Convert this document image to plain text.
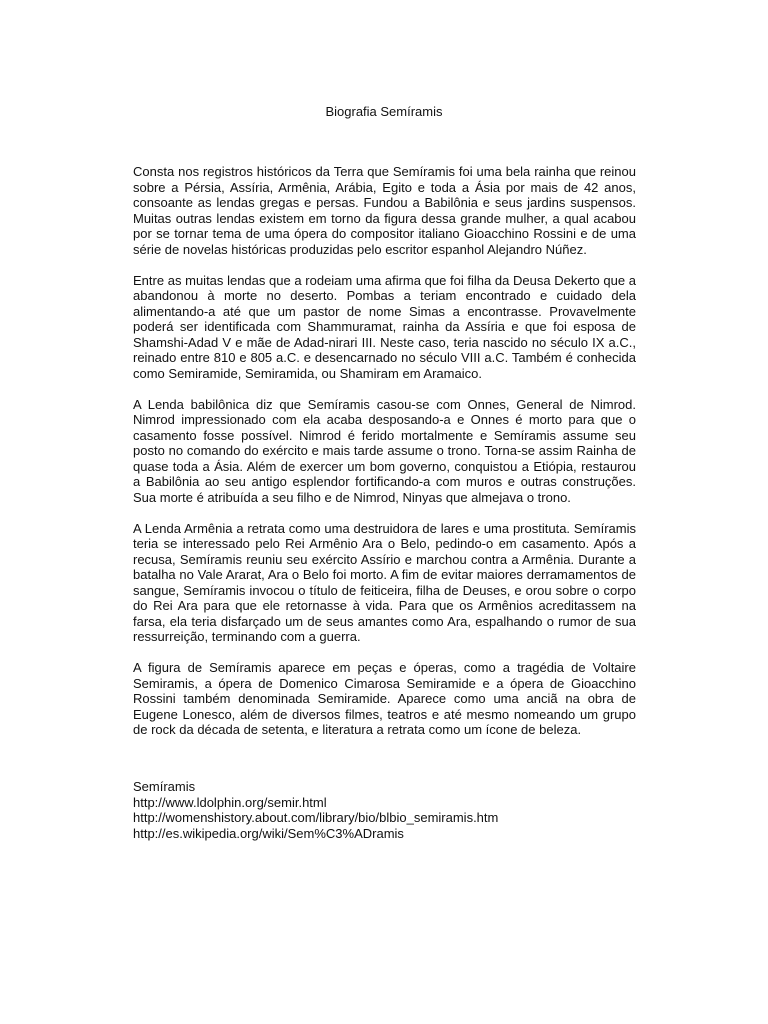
Biografia Semíramis

Consta nos registros históricos da Terra que Semíramis foi uma bela rainha que reinou sobre a Pérsia, Assíria, Armênia, Arábia, Egito e toda a Ásia por mais de 42 anos, consoante as lendas gregas e persas. Fundou a Babilônia e seus jardins suspensos. Muitas outras lendas existem em torno da figura dessa grande mulher, a qual acabou por se tornar tema de uma ópera do compositor italiano Gioacchino Rossini e de uma série de novelas históricas produzidas pelo escritor espanhol Alejandro Núñez.

Entre as muitas lendas que a rodeiam uma afirma que foi filha da Deusa Dekerto que a abandonou à morte no deserto. Pombas a teriam encontrado e cuidado dela alimentando-a até que um pastor de nome Simas a encontrasse. Provavelmente poderá ser identificada com Shammuramat, rainha da Assíria e que foi esposa de Shamshi-Adad V e mãe de Adad-nirari III. Neste caso, teria nascido no século IX a.C., reinado entre 810 e 805 a.C. e desencarnado no século VIII a.C. Também é conhecida como Semiramide, Semiramida, ou Shamiram em Aramaico.

A Lenda babilônica diz que Semíramis casou-se com Onnes, General de Nimrod. Nimrod impressionado com ela acaba desposando-a e Onnes é morto para que o casamento fosse possível. Nimrod é ferido mortalmente e Semíramis assume seu posto no comando do exército e mais tarde assume o trono. Torna-se assim Rainha de quase toda a Ásia. Além de exercer um bom governo, conquistou a Etiópia, restaurou a Babilônia ao seu antigo esplendor fortificando-a com muros e outras construções. Sua morte é atribuída a seu filho e de Nimrod, Ninyas que almejava o trono.

A Lenda Armênia a retrata como uma destruidora de lares e uma prostituta. Semíramis teria se interessado pelo Rei Armênio Ara o Belo, pedindo-o em casamento. Após a recusa, Semíramis reuniu seu exército Assírio e marchou contra a Armênia. Durante a batalha no Vale Ararat, Ara o Belo foi morto. A fim de evitar maiores derramamentos de sangue, Semíramis invocou o título de feiticeira, filha de Deuses, e orou sobre o corpo do Rei Ara para que ele retornasse à vida. Para que os Armênios acreditassem na farsa, ela teria disfarçado um de seus amantes como Ara, espalhando o rumor de sua ressurreição, terminando com a guerra.

A figura de Semíramis aparece em peças e óperas, como a tragédia de Voltaire Semiramis, a ópera de Domenico Cimarosa Semiramide e a ópera de Gioacchino Rossini também denominada Semiramide. Aparece como uma anciã na obra de Eugene Lonesco, além de diversos filmes, teatros e até mesmo nomeando um grupo de rock da década de setenta, e literatura a retrata como um ícone de beleza.

Semíramis
http://www.ldolphin.org/semir.html
http://womenshistory.about.com/library/bio/blbio_semiramis.htm
http://es.wikipedia.org/wiki/Sem%C3%ADramis
